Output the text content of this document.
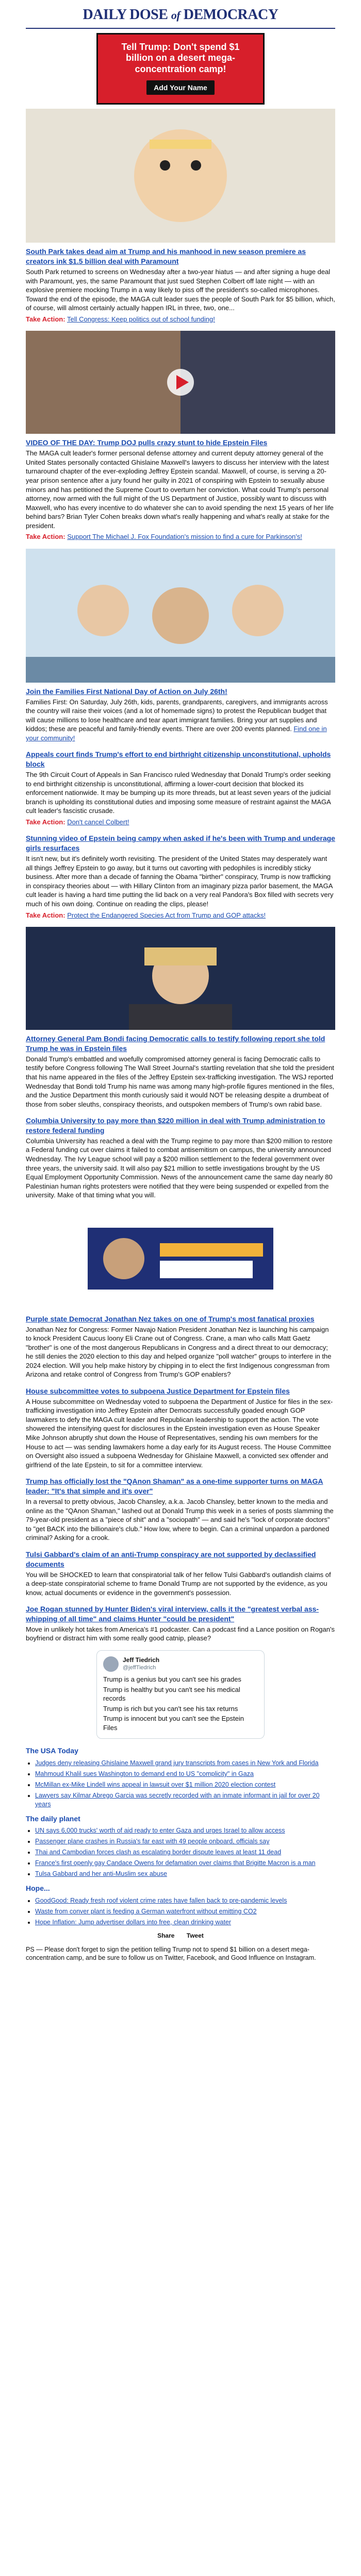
DAILY DOSE of DEMOCRACY
Tell Trump: Don't spend $1 billion on a desert mega-concentration camp!
Add Your Name
South Park takes dead aim at Trump and his manhood in new season premiere as creators ink $1.5 billion deal with Paramount
South Park returned to screens on Wednesday after a two-year hiatus — and after signing a huge deal with Paramount, yes, the same Paramount that just sued Stephen Colbert off late night — with an explosive premiere mocking Trump in a way likely to piss off the president's so-called microphones. Toward the end of the episode, the MAGA cult leader sues the people of South Park for $5 billion, which, of course, will almost certainly actually happen IRL in three, two, one...
Take Action: Tell Congress: Keep politics out of school funding!
VIDEO OF THE DAY: Trump DOJ pulls crazy stunt to hide Epstein Files
The MAGA cult leader's former personal defense attorney and current deputy attorney general of the United States personally contacted Ghislaine Maxwell's lawyers to discuss her interview with the latest turnaround chapter of the ever-exploding Jeffrey Epstein scandal. Maxwell, of course, is serving a 20-year prison sentence after a jury found her guilty in 2021 of conspiring with Epstein to sexually abuse minors and has petitioned the Supreme Court to overturn her conviction. What could Trump's personal attorney, now armed with the full might of the US Department of Justice, possibly want to discuss with Maxwell, who has every incentive to do whatever she can to avoid spending the next 15 years of her life behind bars? Brian Tyler Cohen breaks down what's really happening and what's really at stake for the president.
Take Action: Support The Michael J. Fox Foundation's mission to find a cure for Parkinson's!
Join the Families First National Day of Action on July 26th!
Families First: On Saturday, July 26th, kids, parents, grandparents, caregivers, and immigrants across the country will raise their voices (and a lot of homemade signs) to protest the Republican budget that will cause millions to lose healthcare and tear apart immigrant families. Bring your art supplies and kiddos; these are peaceful and family-friendly events. There are over 200 events planned. Find one in your community!
Appeals court finds Trump's effort to end birthright citizenship unconstitutional, upholds block
The 9th Circuit Court of Appeals in San Francisco ruled Wednesday that Donald Trump's order seeking to end birthright citizenship is unconstitutional, affirming a lower-court decision that blocked its enforcement nationwide. It may be bumping up its more threads, but at least seven years of the judicial branch is upholding its constitutional duties and imposing some measure of restraint against the MAGA cult leader's fascistic crusade.
Take Action: Don't cancel Colbert!
Stunning video of Epstein being campy when asked if he's been with Trump and underage girls resurfaces
It isn't new, but it's definitely worth revisiting. The president of the United States may desperately want all things Jeffrey Epstein to go away, but it turns out cavorting with pedophiles is incredibly sticky business. After more than a decade of fanning the Obama "birther" conspiracy, Trump is now trafficking in conspiracy theories about — with Hillary Clinton from an imaginary pizza parlor basement, the MAGA cult leader is having a hard time putting the lid back on a very real Pandora's Box filled with secrets very much of his own doing. Continue on reading the clips, please!
Take Action: Protect the Endangered Species Act from Trump and GOP attacks!
Attorney General Pam Bondi facing Democratic calls to testify following report she told Trump he was in Epstein files
Donald Trump's embattled and woefully compromised attorney general is facing Democratic calls to testify before Congress following The Wall Street Journal's startling revelation that she told the president that his name appeared in the files of the Jeffrey Epstein sex-trafficking investigation. The WSJ reported Wednesday that Bondi told Trump his name was among many high-profile figures mentioned in the files, and the Justice Department this month curiously said it would NOT be releasing despite a drumbeat of those from sober sleuths, conspiracy theorists, and outspoken members of Trump's own rabid base.
Columbia University to pay more than $220 million in deal with Trump administration to restore federal funding
Columbia University has reached a deal with the Trump regime to pay more than $200 million to restore a Federal funding cut over claims it failed to combat antisemitism on campus, the university announced Wednesday. The Ivy League school will pay a $200 million settlement to the federal government over three years, the university said. It will also pay $21 million to settle investigations brought by the US Equal Employment Opportunity Commission. News of the announcement came the same day nearly 80 Palestinian human rights protesters were notified that they were being suspended or expelled from the university. Make of that timing what you will.
Purple state Democrat Jonathan Nez takes on one of Trump's most fanatical proxies
Jonathan Nez for Congress: Former Navajo Nation President Jonathan Nez is launching his campaign to knock President Caucus loony Eli Crane out of Congress. Crane, a man who calls Matt Gaetz "brother" is one of the most dangerous Republicans in Congress and a direct threat to our democracy; he still denies the 2020 election to this day and helped organize "poll watcher" groups to interfere in the 2024 election. Will you help make history by chipping in to elect the first Indigenous congressman from Arizona and retake control of Congress from Trump's GOP enablers?
House subcommittee votes to subpoena Justice Department for Epstein files
A House subcommittee on Wednesday voted to subpoena the Department of Justice for files in the sex-trafficking investigation into Jeffrey Epstein after Democrats successfully goaded enough GOP lawmakers to defy the MAGA cult leader and Republican leadership to support the action. The vote showered the intensifying quest for disclosures in the Epstein investigation even as House Speaker Mike Johnson abruptly shut down the House of Representatives, sending his own members for the House to act — was sending lawmakers home a day early for its August recess. The House Committee on Oversight also issued a subpoena Wednesday for Ghislaine Maxwell, a convicted sex offender and girlfriend of the late Epstein, to sit for a committee interview.
Trump has officially lost the "QAnon Shaman" as a one-time supporter turns on MAGA leader: "It's that simple and it's over"
In a reversal to pretty obvious, Jacob Chansley, a.k.a. Jacob Chansley, better known to the media and online as the "QAnon Shaman," lashed out at Donald Trump this week in a series of posts slamming the 79-year-old president as a "piece of shit" and a "sociopath" — and said he's "lock of corporate doctors" to "get BACK into the billionaire's club." How low, where to begin. Can a criminal unpardon a pardoned criminal? Asking for a crook.
Tulsi Gabbard's claim of an anti-Trump conspiracy are not supported by declassified documents
You will be SHOCKED to learn that conspiratorial talk of her fellow Tulsi Gabbard's outlandish claims of a deep-state conspiratorial scheme to frame Donald Trump are not supported by the evidence, as you know, actual documents or evidence in the government's possession.
Joe Rogan stunned by Hunter Biden's viral interview, calls it the "greatest verbal ass-whipping of all time" and claims Hunter "could be president"
Move in unlikely hot takes from America's #1 podcaster. Can a podcast find a Lance position on Rogan's boyfriend or distract him with some really good catnip, please?
Jeff Tiedrich
@jeffTiedrich
Trump is a genius but you can't see his grades
Trump is healthy but you can't see his medical records
Trump is rich but you can't see his tax returns
Trump is innocent but you can't see the Epstein Files
The USA Today
• Judges deny releasing Ghislaine Maxwell grand jury transcripts from cases in New York and Florida
• Mahmoud Khalil sues Washington to demand end to US "complicity" in Gaza
• McMillan ex-Mike Lindell wins appeal in lawsuit over $1 million 2020 election contest
• Lawyers say Kilmar Abrego Garcia was secretly recorded with an inmate informant in jail for over 20 years
The daily planet
• UN says 6,000 trucks' worth of aid ready to enter Gaza and urges Israel to allow access
• Passenger plane crashes in Russia's far east with 49 people onboard, officials say
• Thai and Cambodian forces clash as escalating border dispute leaves at least 11 dead
• France's first openly gay Candace Owens for defamation over claims that Brigitte Macron is a man
• Tulsa Gabbard and her anti-Muslim sex abuse
Hope...
• GoodGood: Ready fresh roof violent crime rates have fallen back to pre-pandemic levels
• Waste from conver plant is feeding a German waterfront without emitting CO2
• Hope Inflation: Jump advertiser dollars into free, clean drinking water
Share Tweet
PS — Please don't forget to sign the petition telling Trump not to spend $1 billion on a desert mega-concentration camp, and be sure to follow us on Twitter, Facebook, and Good Influence on Instagram.
